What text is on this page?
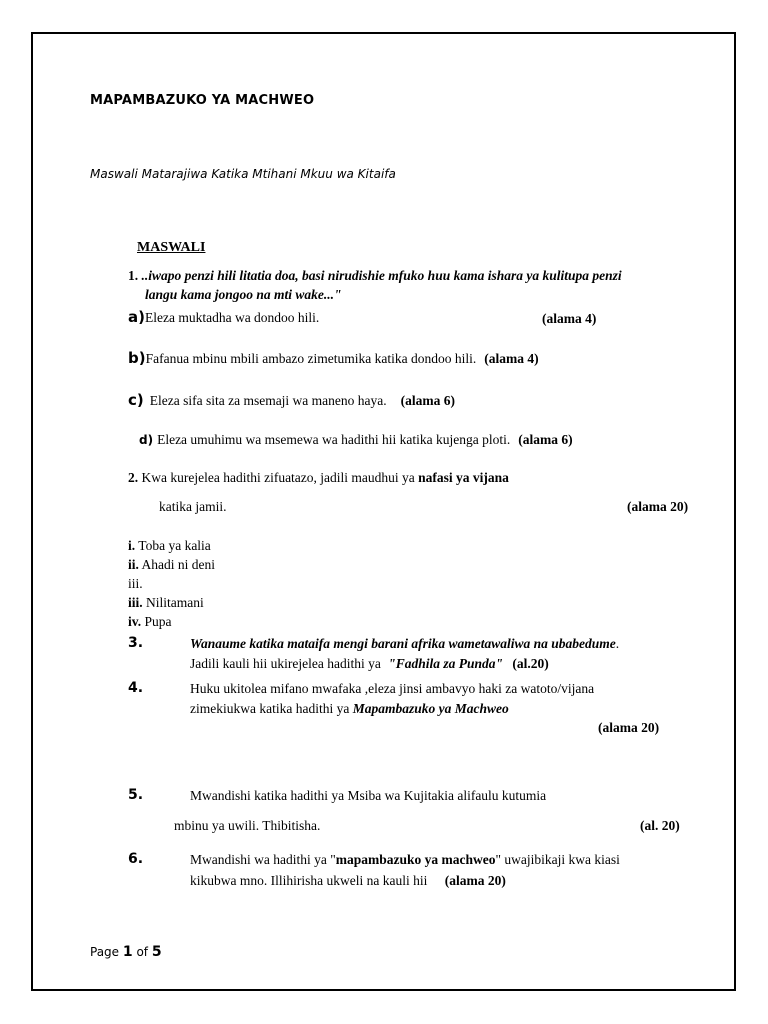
MAPAMBAZUKO YA MACHWEO
Maswali Matarajiwa Katika Mtihani Mkuu wa Kitaifa
MASWALI
1. ..iwapo penzi hili litatia doa, basi nirudishie mfuko huu kama ishara ya kulitupa penzi
langu kama jongoo na mti wake..."
a)Eleza muktadha wa dondoo hili.	(alama 4)
b)Fafanua mbinu mbili ambazo zimetumika katika dondoo hili. (alama 4)
c) Eleza sifa sita za msemaji wa maneno haya. (alama 6)
d) Eleza umuhimu wa msemewa wa hadithi hii katika kujenga ploti. (alama 6)
2. Kwa kurejelea hadithi zifuatazo, jadili maudhui ya nafasi ya vijana
katika jamii.	(alama 20)
i. Toba ya kalia
ii. Ahadi ni deni
iii.
iii. Nilitamani
iv. Pupa
3.	Wanaume katika mataifa mengi barani afrika wametawaliwa na ubabedume.
Jadili kauli hii ukirejelea hadithi ya "Fadhila za Punda" (al.20)
4.	Huku ukitolea mifano mwafaka ,eleza jinsi ambavyo haki za watoto/vijana
zimekiukwa katika hadithi ya Mapambazuko ya Machweo
(alama 20)
5.	Mwandishi katika hadithi ya Msiba wa Kujitakia alifaulu kutumia
mbinu ya uwili. Thibitisha.	(al. 20)
6.	Mwandishi wa hadithi ya "mapambazuko ya machweo" uwajibikaji kwa kiasi
kikubwa mno. Illihirisha ukweli na kauli hii (alama 20)
Page 1 of 5
